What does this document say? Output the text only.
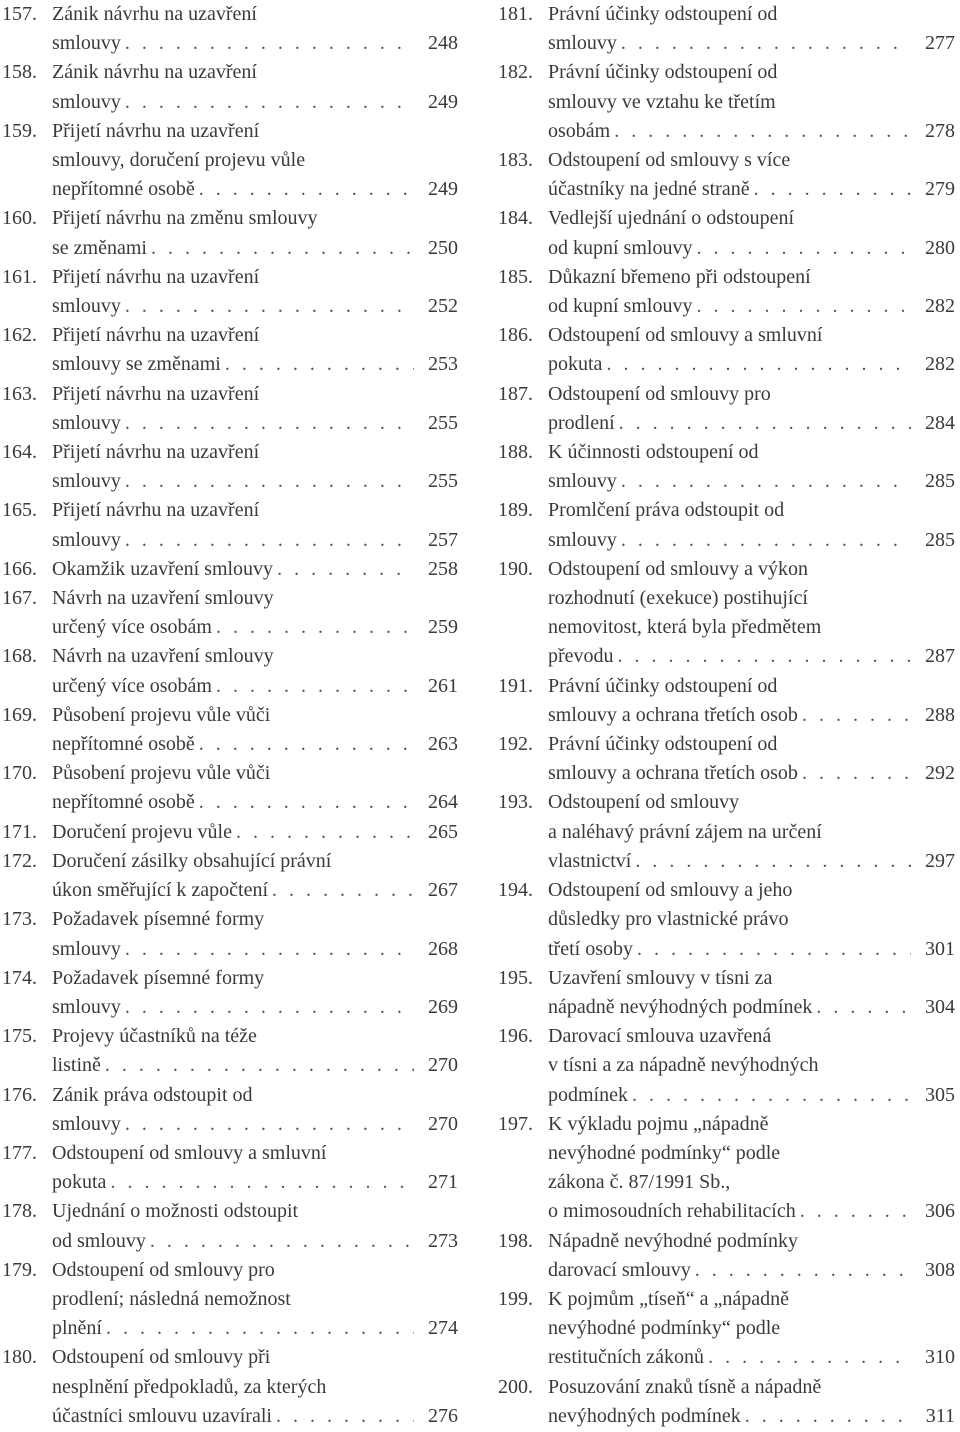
157. Zánik návrhu na uzavření
smlouvy . . .	248
158. Zánik návrhu na uzavření
smlouvy . . .	249
159. Přijetí návrhu na uzavření
smlouvy, doručení projevu vůle
nepřítomné osobě . . .	249
160. Přijetí návrhu na změnu smlouvy
se změnami . . .	250
161. Přijetí návrhu na uzavření
smlouvy . . .	252
162. Přijetí návrhu na uzavření
smlouvy se změnami . . .	253
163. Přijetí návrhu na uzavření
smlouvy . . .	255
164. Přijetí návrhu na uzavření
smlouvy . . .	255
165. Přijetí návrhu na uzavření
smlouvy . . .	257
166. Okamžik uzavření smlouvy . . .	258
167. Návrh na uzavření smlouvy
určený více osobám . . .	259
168. Návrh na uzavření smlouvy
určený více osobám . . .	261
169. Působení projevu vůle vůči
nepřítomné osobě . . .	263
170. Působení projevu vůle vůči
nepřítomné osobě . . .	264
171. Doručení projevu vůle . . .	265
172. Doručení zásilky obsahující právní
úkon směřující k započtení . . .	267
173. Požadavek písemné formy
smlouvy . . .	268
174. Požadavek písemné formy
smlouvy . . .	269
175. Projevy účastníků na téže
listině . . .	270
176. Zánik práva odstoupit od
smlouvy . . .	270
177. Odstoupení od smlouvy a smluvní
pokuta . . .	271
178. Ujednání o možnosti odstoupit
od smlouvy . . .	273
179. Odstoupení od smlouvy pro
prodlení; následná nemožnost
plnění . . .	274
180. Odstoupení od smlouvy při
nesplnění předpokladů, za kterých
účastníci smlouvu uzavírali . . .	276
181. Právní účinky odstoupení od
smlouvy . . .	277
182. Právní účinky odstoupení od
smlouvy ve vztahu ke třetím
osobám . . .	278
183. Odstoupení od smlouvy s více
účastníky na jedné straně . . .	279
184. Vedlejší ujednání o odstoupení
od kupní smlouvy . . .	280
185. Důkazní břemeno při odstoupení
od kupní smlouvy . . .	282
186. Odstoupení od smlouvy a smluvní
pokuta . . .	282
187. Odstoupení od smlouvy pro
prodlení . . .	284
188. K účinnosti odstoupení od
smlouvy . . .	285
189. Promlčení práva odstoupit od
smlouvy . . .	285
190. Odstoupení od smlouvy a výkon
rozhodnutí (exekuce) postihující
nemovitost, která byla předmětem
převodu . . .	287
191. Právní účinky odstoupení od
smlouvy a ochrana třetích osob . . .	288
192. Právní účinky odstoupení od
smlouvy a ochrana třetích osob . . .	292
193. Odstoupení od smlouvy
a naléhavý právní zájem na určení
vlastnictví . . .	297
194. Odstoupení od smlouvy a jeho
důsledky pro vlastnické právo
třetí osoby . . .	301
195. Uzavření smlouvy v tísni za
nápadně nevýhodných podmínek . . .	304
196. Darovací smlouva uzavřená
v tísni a za nápadně nevýhodných
podmínek . . .	305
197. K výkladu pojmu „nápadně
nevýhodné podmínky“ podle
zákona č. 87/1991 Sb.,
o mimosoudních rehabilitacích . . .	306
198. Nápadně nevýhodné podmínky
darovací smlouvy . . .	308
199. K pojmům „tíseň“ a „nápadně
nevýhodné podmínky“ podle
restitučních zákonů . . .	310
200. Posuzování znaků tísně a nápadně
nevýhodných podmínek . . .	311
